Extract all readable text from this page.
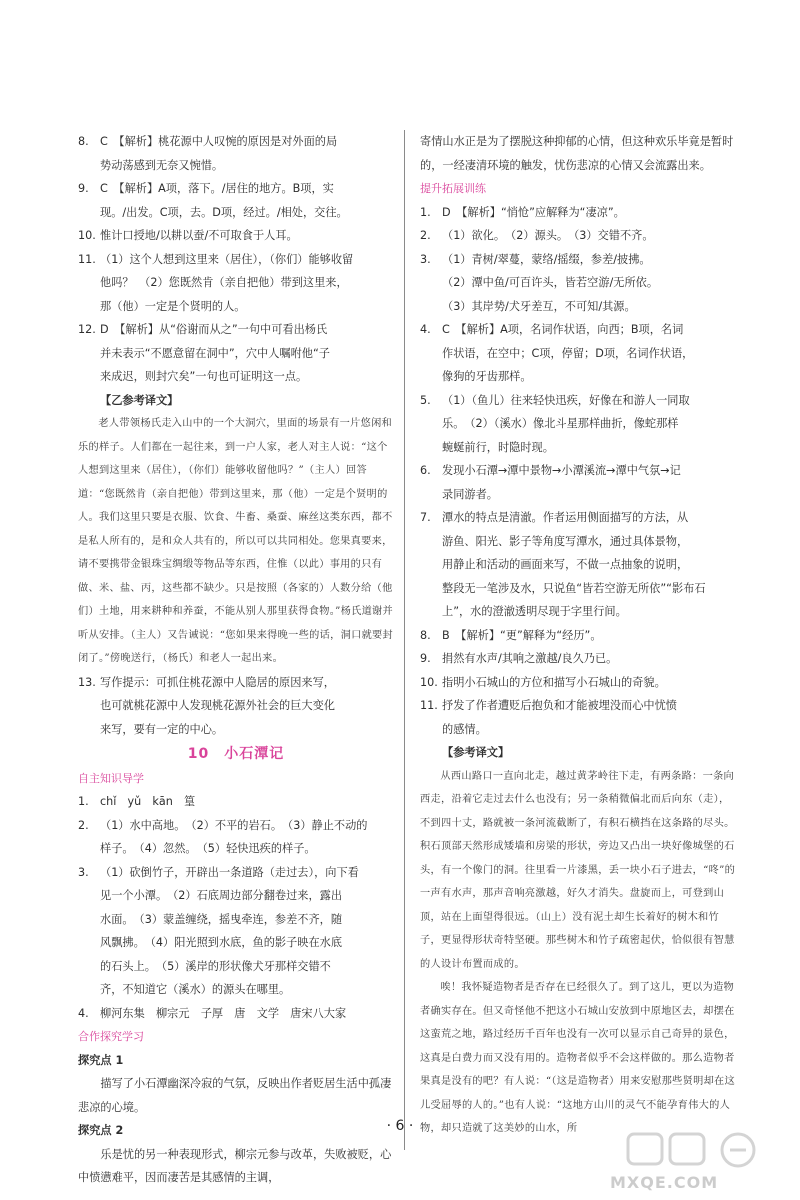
8. C　【解析】桃花源中人叹惋的原因是对外面的局
势动荡感到无奈又惋惜。
9. C　【解析】A项，落下。/居住的地方。B项，实
现。/出发。C项，去。D项，经过。/相处，交往。
10. 惟计口授地/以耕以蚕/不可取食于人耳。
11. （1）这个人想到这里来（居住），（你们）能够收留
他吗？　（2）您既然肯（亲自把他）带到这里来，
那（他）一定是个贤明的人。
12. D　【解析】从“俗谢而从之”一句中可看出杨氏
并未表示“不愿意留在洞中”，穴中人嘱咐他“子
来成迟，则封穴矣”一句也可证明这一点。
【乙参考译文】

老人带领杨氏走入山中的一个大洞穴，里面的场景有一片悠闲和乐的样子。人们都在一起往来，到一户人家，老人对主人说：“这个人想到这里来（居住），（你们）能够收留他吗？”（主人）回答道：“您既然肯（亲自把他）带到这里来，那（他）一定是个贤明的人。我们这里只要是衣服、饮食、牛畜、桑蚕、麻丝这类东西，都不是私人所有的，是和众人共有的，所以可以共同相处。您果真要来，请不要携带金银珠宝绸缎等物品等东西，住惟（以此）事用的只有做、米、盐、丙，这些都不缺少。只是按照（各家的）人数分给（他们）土地，用来耕种和养蚕，不能从别人那里获得食物。”杨氏道谢并听从安排。（主人）又告诫说：“您如果来得晚一些的话，洞口就要封闭了。”傍晚送行，（杨氏）和老人一起出来。

13. 写作提示：可抓住桃花源中人隐居的原因来写，
也可就桃花源中人发现桃花源外社会的巨大变化
来写，要有一定的中心。
10　 小石潭记
自主知识导学
1. chǐ　yǔ　kān　篁
2. （1）水中高地。　（2）不平的岩石。　（3）静止不动的
样子。　（4）忽然。　（5）轻快迅疾的样子。
3. （1）砍倒竹子，开辟出一条道路（走过去），向下看
见一个小潭。　（2）石底周边部分翻卷过来，露出
水面。　（3）蒙盖缠绕，摇曳牵连，参差不齐，随
风飘拂。　（4）阳光照到水底，鱼的影子映在水底
的石头上。　（5）溪岸的形状像犬牙那样交错不
齐，不知道它（溪水）的源头在哪里。
4. 柳河东集　柳宗元　子厚　唐　文学　唐宋八大家
合作探究学习
探究点 1
描写了小石潭幽深冷寂的气氛，反映出作者贬居生活中孤凄悲凉的心境。
探究点 2
乐是忧的另一种表现形式，柳宗元参与改革，失败被贬，心中愤懑难平，因而凄苦是其感情的主调，
寄情山水正是为了摆脱这种抑郁的心情，但这种欢乐毕竟是暂时的，一经凄清环境的触发，忧伤悲凉的心情又会流露出来。
提升拓展训练
1. D　【解析】“悄怆”应解释为“凄凉”。
2. （1）欲化。　（2）源头。　（3）交错不齐。
3. （1）青树/翠蔓，蒙络/摇缀，参差/披拂。
（2）潭中鱼/可百许头，皆若空游/无所依。
（3）其岸势/犬牙差互，不可知/其源。
4. C　【解析】A项，名词作状语，向西；B项，名词
作状语，在空中；C项，停留；D项，名词作状语，
像狗的牙齿那样。
5. （1）（鱼儿）往来轻快迅疾，好像在和游人一同取
乐。　（2）（溪水）像北斗星那样曲折，像蛇那样
蜿蜒前行，时隐时现。
6. 发现小石潭→潭中景物→小潭溪流→潭中气氛→记
录同游者。
7. 潭水的特点是清澈。作者运用侧面描写的方法，从
游鱼、阳光、影子等角度写潭水，通过具体景物，
用静止和活动的画面来写，不做一点抽象的说明，
整段无一笔涉及水，只说鱼“皆若空游无所依”“影布石
上”，水的澄澈透明尽现于字里行间。
8. B　【解析】“更”解释为“经历”。
9. 捐然有水声/其响之激越/良久乃已。
10. 指明小石城山的方位和描写小石城山的奇貌。
11. 抒发了作者遭贬后抱负和才能被埋没而心中忧愤
的感情。
【参考译文】

从西山路口一直向北走，越过黄茅岭往下走，有两条路：一条向西走，沿着它走过去什么也没有；另一条稍微偏北而后向东（走），不到四十丈，路就被一条河流截断了，有积石横挡在这条路的尽头。积石顶部天然形成矮墙和房梁的形状，旁边又凸出一块好像城堡的石头，有一个像门的洞。往里看一片漆黑，丢一块小石子进去，“咚”的一声有水声，那声音响亮激越，好久才消失。盘旋而上，可登到山顶，站在上面望得很远。（山上）没有泥土却生长着好的树木和竹子，更显得形状奇特坚硬。那些树木和竹子疏密起伏，恰似很有智慧的人设计布置而成的。

唉！我怀疑造物者是否存在已经很久了。到了这儿，更以为造物者确实存在。但又奇怪他不把这小石城山安放到中原地区去，却摆在这蛮荒之地，路过经历千百年也没有一次可以显示自己奇异的景色，这真是白费力而又没有用的。造物者似乎不会这样做的。那么造物者果真是没有的吧？有人说：“（这是造物者）用来安慰那些贤明却在这儿受屈辱的人的。”也有人说：“这地方山川的灵气不能孕育伟大的人物，却只造就了这美妙的山水，所

· 6 ·
MXQE.COM
